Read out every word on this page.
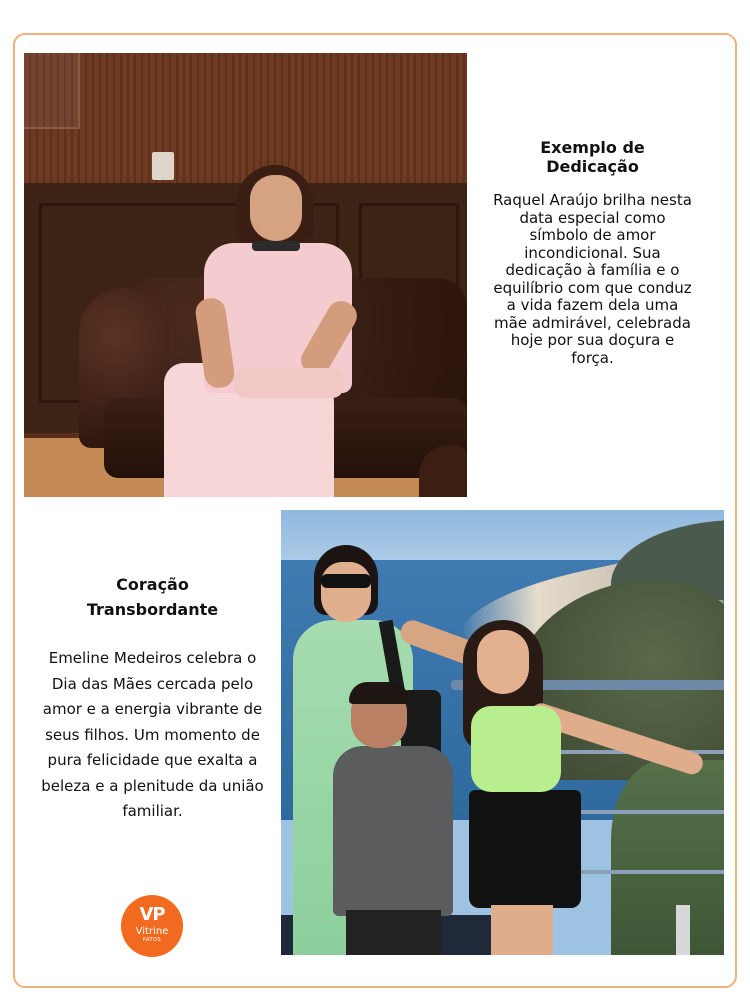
Exemplo de Dedicação
Raquel Araújo brilha nesta data especial como símbolo de amor incondicional. Sua dedicação à família e o equilíbrio com que conduz a vida fazem dela uma mãe admirável, celebrada hoje por sua doçura e força.
Coração Transbordante
Emeline Medeiros celebra o Dia das Mães cercada pelo amor e a energia vibrante de seus filhos. Um momento de pura felicidade que exalta a beleza e a plenitude da união familiar.
VP
Vitrine
PATOS
